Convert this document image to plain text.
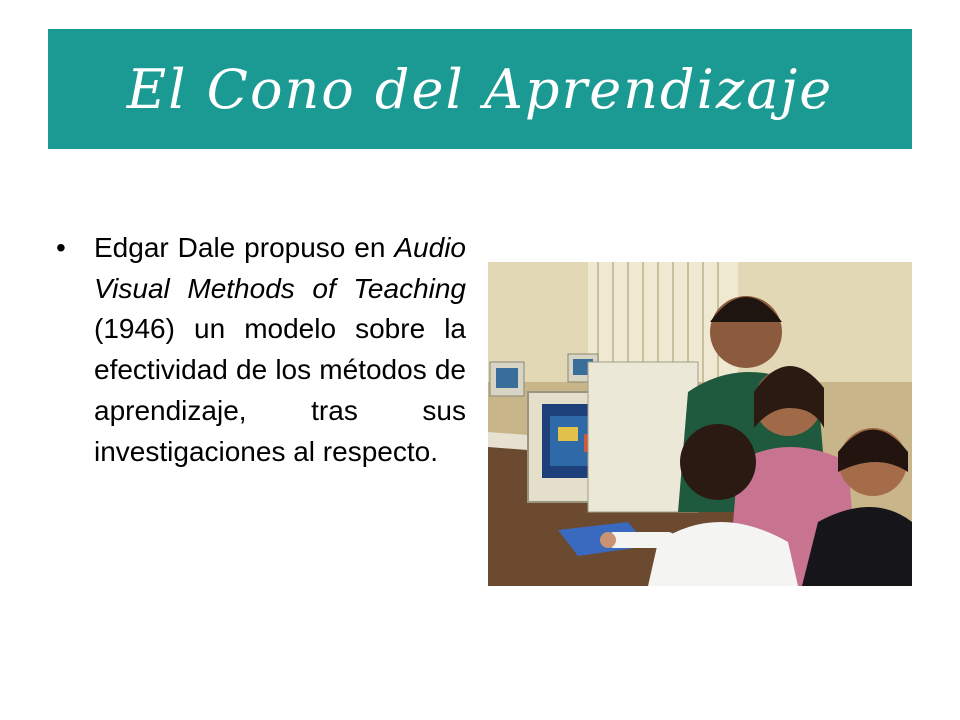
El Cono del Aprendizaje
•	Edgar Dale propuso en Audio Visual Methods of Teaching (1946) un modelo sobre la efectividad de los métodos de aprendizaje, tras sus investigaciones al respecto.
